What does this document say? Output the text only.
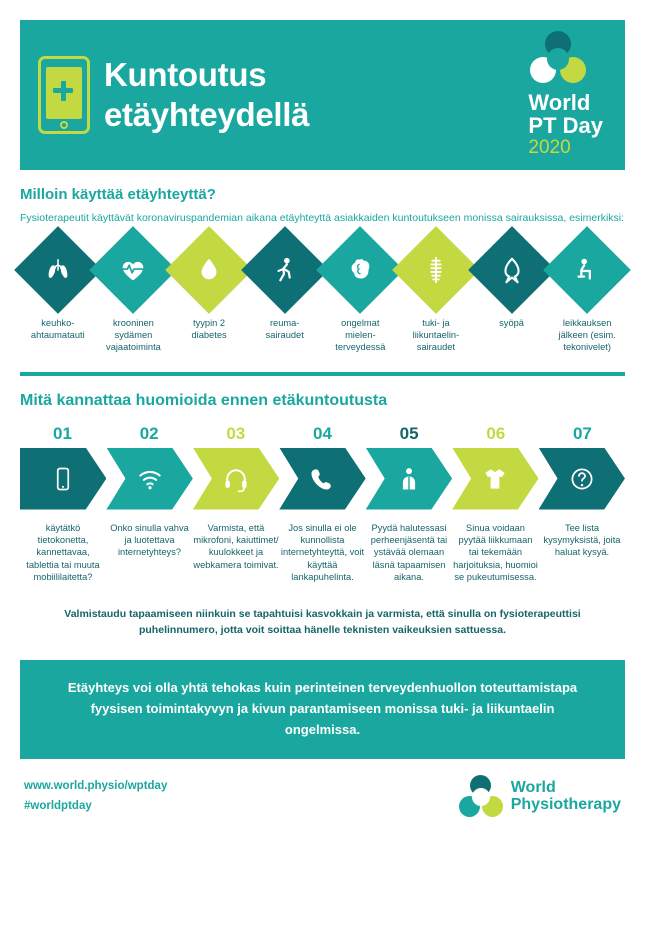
Kuntoutus
etäyhteydellä	World
PT Day
2020
Milloin käyttää etäyhteyttä?
Fysioterapeutit käyttävät koronaviruspandemian aikana etäyhteyttä asiakkaiden kuntoutukseen monissa sairauksissa, esimerkiksi:
keuhko-
ahtaumatauti
krooninen
sydämen
vajaatoiminta
tyypin 2
diabetes
reuma-
sairaudet
ongelmat
mielen-
terveydessä
tuki- ja
liikuntaelin-
sairaudet
syöpä	leikkauksen
jälkeen (esim.
tekonivelet)
Mitä kannattaa huomioida ennen etäkuntoutusta
01	02	03	04	05	06	07
käytätkö tietokonetta, kannettavaa, tablettia tai muuta mobiililaitetta?
Onko sinulla vahva ja luotettava internetyhteys?
Varmista, että mikrofoni, kaiuttimet/ kuulokkeet ja webkamera toimivat.
Jos sinulla ei ole kunnollista internetyhteyttä, voit käyttää lankapuhelinta.
Pyydä halutessasi perheenjäsentä tai ystävää olemaan läsnä tapaamisen aikana.
Sinua voidaan pyytää liikkumaan tai tekemään harjoituksia, huomioi se pukeutumisessa.
Tee lista kysymyksistä, joita haluat kysyä.
Valmistaudu tapaamiseen niinkuin se tapahtuisi kasvokkain ja varmista, että sinulla on fysioterapeuttisi puhelinnumero, jotta voit soittaa hänelle teknisten vaikeuksien sattuessa.
Etäyhteys voi olla yhtä tehokas kuin perinteinen terveydenhuollon toteuttamistapa fyysisen toimintakyvyn ja kivun parantamiseen monissa tuki- ja liikuntaelin ongelmissa.
www.world.physio/wptday
#worldptday
World
Physiotherapy
